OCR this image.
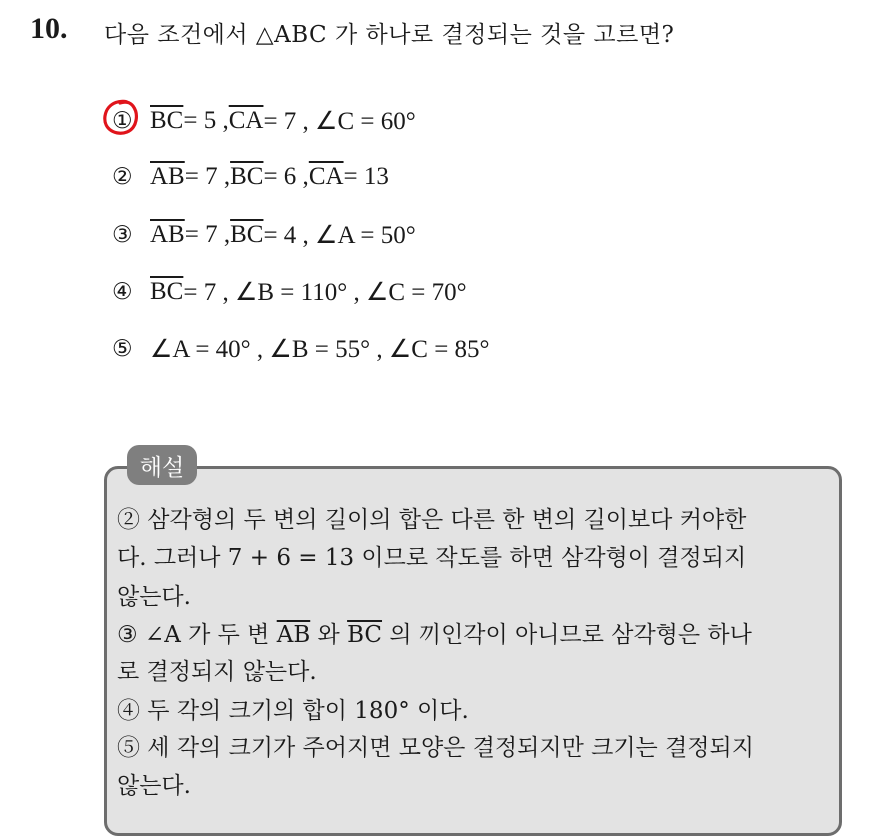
10. 다음 조건에서 △ABC 가 하나로 결정되는 것을 고르면?
① $\overline{BC} = 5$ , $\overline{CA} = 7$ , ∠C = 60°
② $\overline{AB} = 7$ , $\overline{BC} = 6$ , $\overline{CA} = 13$
③ $\overline{AB} = 7$ , $\overline{BC} = 4$ , ∠A = 50°
④ $\overline{BC} = 7$ , ∠B = 110° , ∠C = 70°
⑤ ∠A = 40° , ∠B = 55° , ∠C = 85°
해설
② 삼각형의 두 변의 길이의 합은 다른 한 변의 길이보다 커야한
다. 그러나 7 + 6 = 13 이므로 작도를 하면 삼각형이 결정되지
않는다.
③ ∠A 가 두 변 $\overline{AB}$ 와 $\overline{BC}$ 의 끼인각이 아니므로 삼각형은 하나
로 결정되지 않는다.
④ 두 각의 크기의 합이 180° 이다.
⑤ 세 각의 크기가 주어지면 모양은 결정되지만 크기는 결정되지
않는다.
